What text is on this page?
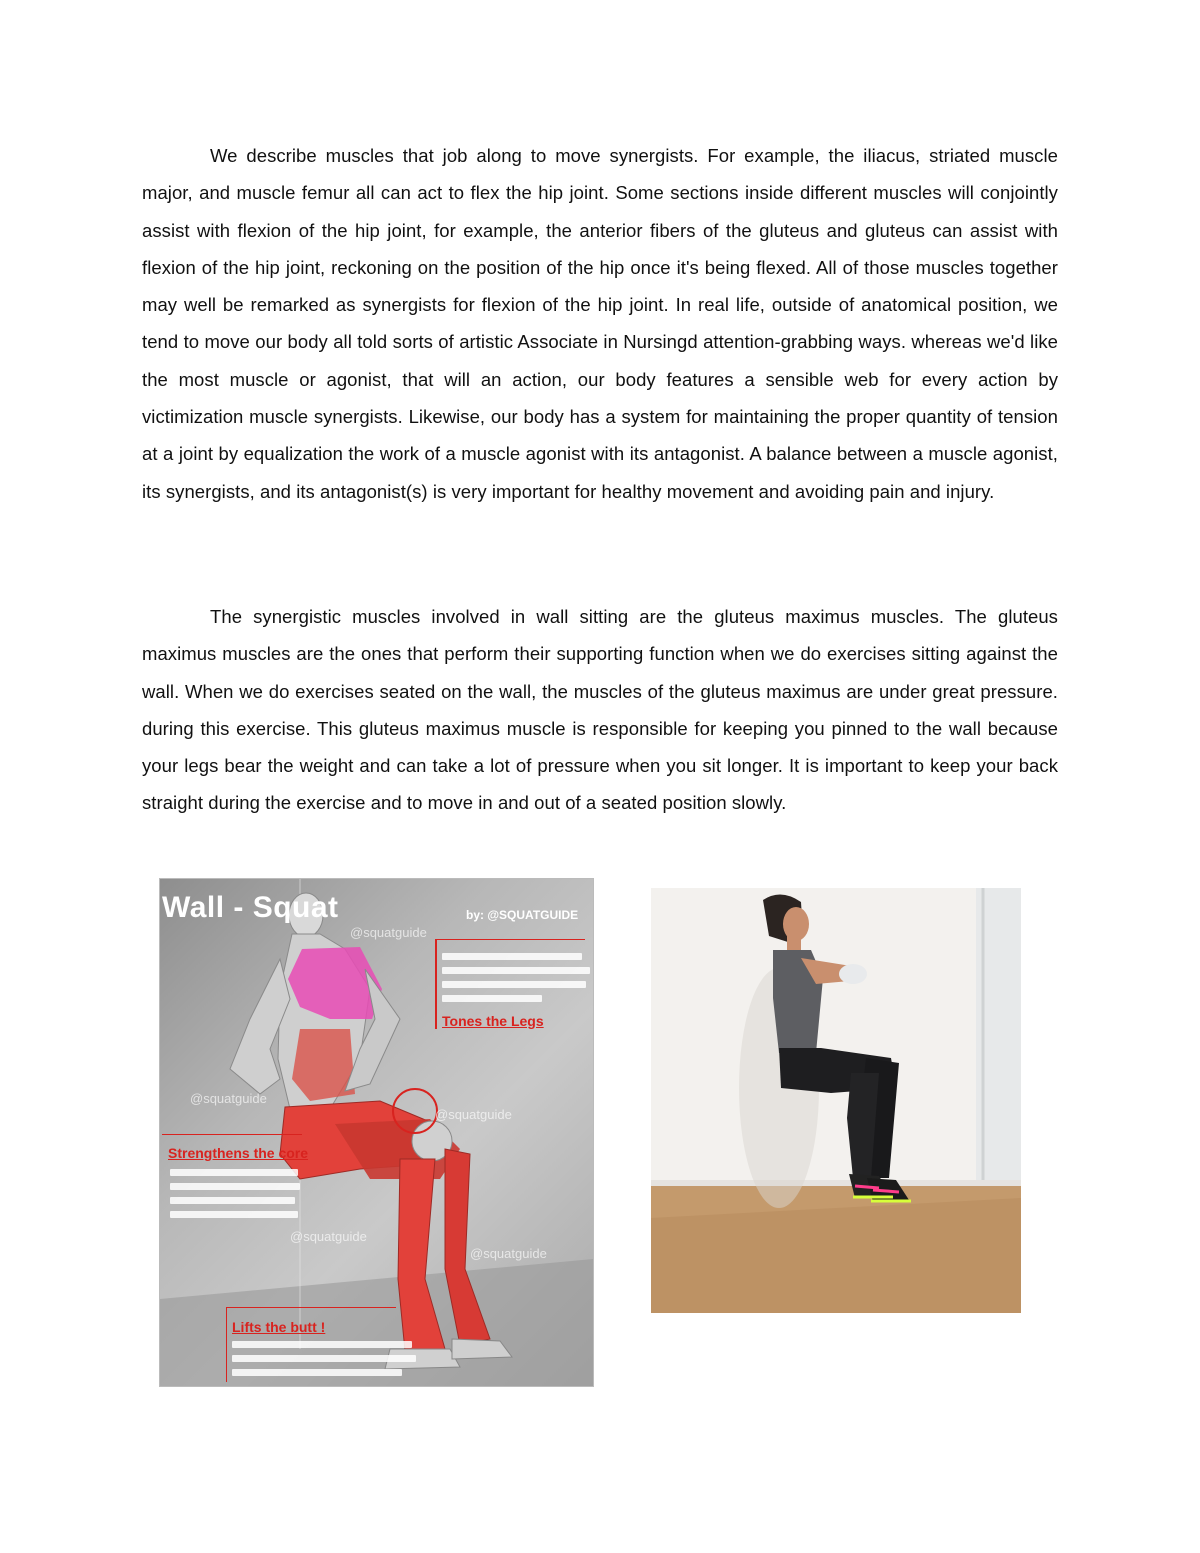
We describe muscles that job along to move synergists. For example, the iliacus, striated muscle major, and muscle femur all can act to flex the hip joint. Some sections inside different muscles will conjointly assist with flexion of the hip joint, for example, the anterior fibers of the gluteus and gluteus can assist with flexion of the hip joint, reckoning on the position of the hip once it's being flexed. All of those muscles together may well be remarked as synergists for flexion of the hip joint. In real life, outside of anatomical position, we tend to move our body all told sorts of artistic Associate in Nursingd attention-grabbing ways. whereas we'd like the most muscle or agonist, that will an action, our body features a sensible web for every action by victimization muscle synergists. Likewise, our body has a system for maintaining the proper quantity of tension at a joint by equalization the work of a muscle agonist with its antagonist. A balance between a muscle agonist, its synergists, and its antagonist(s) is very important for healthy movement and avoiding pain and injury.

The synergistic muscles involved in wall sitting are the gluteus maximus muscles. The gluteus maximus muscles are the ones that perform their supporting function when we do exercises sitting against the wall. When we do exercises seated on the wall, the muscles of the gluteus maximus are under great pressure. during this exercise. This gluteus maximus muscle is responsible for keeping you pinned to the wall because your legs bear the weight and can take a lot of pressure when you sit longer. It is important to keep your back straight during the exercise and to move in and out of a seated position slowly.

Wall - Squat	by: @SQUATGUIDE
@squatguide
@squatguide
@squatguide
@squatguide
@squatguide
Tones the Legs
Strengthens the core
Lifts the butt !
